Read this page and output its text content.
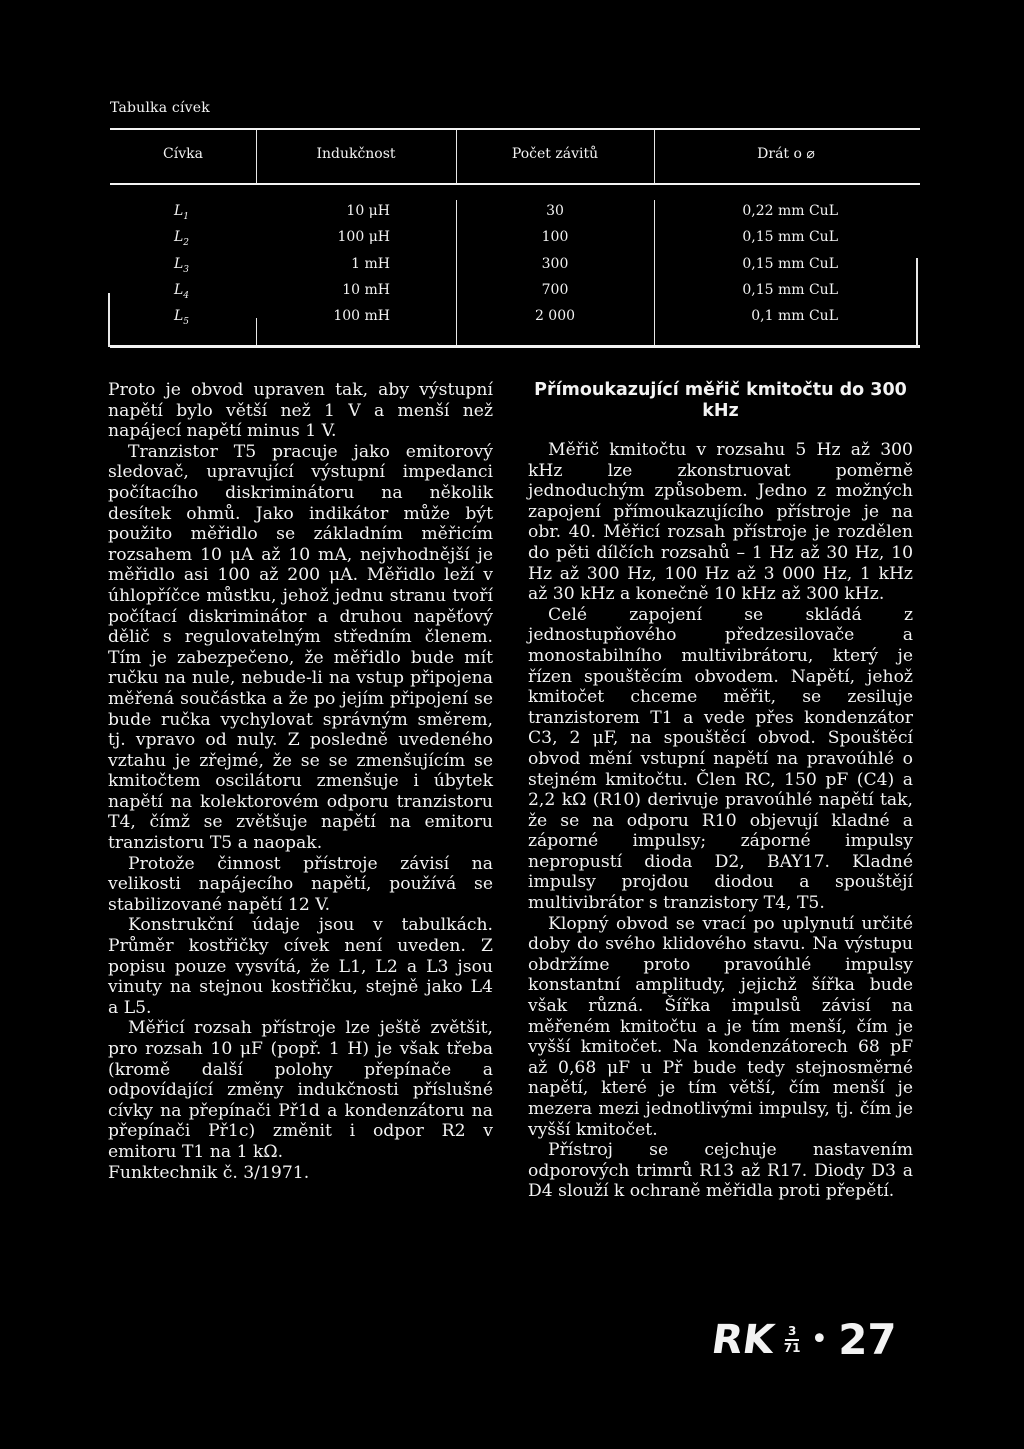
Tabulka cívek
Cívka	Indukčnost	Počet závitů	Drát o ⌀
$L_1$	10 μH	30	0,22 mm CuL
$L_2$	100 μH	100	0,15 mm CuL
$L_3$	1 mH	300	0,15 mm CuL
$L_4$	10 mH	700	0,15 mm CuL
$L_5$	100 mH	2 000	0,1 mm CuL

Proto je obvod upraven tak, aby výstupní napětí bylo větší než 1 V a menší než napájecí napětí minus 1 V.

Tranzistor T5 pracuje jako emitorový sledovač, upravující výstupní impedanci počítacího diskriminátoru na několik desítek ohmů. Jako indikátor může být použito měřidlo se základním měřicím rozsahem 10 μA až 10 mA, nejvhodnější je měřidlo asi 100 až 200 μA. Měřidlo leží v úhlopříčce můstku, jehož jednu stranu tvoří počítací diskriminátor a druhou napěťový dělič s regulovatelným středním členem. Tím je zabezpečeno, že měřidlo bude mít ručku na nule, nebude-li na vstup připojena měřená součástka a že po jejím připojení se bude ručka vychylovat správným směrem, tj. vpravo od nuly. Z posledně uvedeného vztahu je zřejmé, že se se zmenšujícím se kmitočtem oscilátoru zmenšuje i úbytek napětí na kolektorovém odporu tranzistoru T4, čímž se zvětšuje napětí na emitoru tranzistoru T5 a naopak.

Protože činnost přístroje závisí na velikosti napájecího napětí, používá se stabilizované napětí 12 V.

Konstrukční údaje jsou v tabulkách. Průměr kostřičky cívek není uveden. Z popisu pouze vysvítá, že L1, L2 a L3 jsou vinuty na stejnou kostřičku, stejně jako L4 a L5.

Měřicí rozsah přístroje lze ještě zvětšit, pro rozsah 10 μF (popř. 1 H) je však třeba (kromě další polohy přepínače a odpovídající změny indukčnosti příslušné cívky na přepínači Př1d a kondenzátoru na přepínači Př1c) změnit i odpor R2 v emitoru T1 na 1 kΩ.

Funktechnik č. 3/1971.

Přímoukazující měřič kmitočtu do 300 kHz

Měřič kmitočtu v rozsahu 5 Hz až 300 kHz lze zkonstruovat poměrně jednoduchým způsobem. Jedno z možných zapojení přímoukazujícího přístroje je na obr. 40. Měřicí rozsah přístroje je rozdělen do pěti dílčích rozsahů – 1 Hz až 30 Hz, 10 Hz až 300 Hz, 100 Hz až 3 000 Hz, 1 kHz až 30 kHz a konečně 10 kHz až 300 kHz.

Celé zapojení se skládá z jednostupňového předzesilovače a monostabilního multivibrátoru, který je řízen spouštěcím obvodem. Napětí, jehož kmitočet chceme měřit, se zesiluje tranzistorem T1 a vede přes kondenzátor C3, 2 μF, na spouštěcí obvod. Spouštěcí obvod mění vstupní napětí na pravoúhlé o stejném kmitočtu. Člen RC, 150 pF (C4) a 2,2 kΩ (R10) derivuje pravoúhlé napětí tak, že se na odporu R10 objevují kladné a záporné impulsy; záporné impulsy nepropustí dioda D2, BAY17. Kladné impulsy projdou diodou a spouštějí multivibrátor s tranzistory T4, T5.

Klopný obvod se vrací po uplynutí určité doby do svého klidového stavu. Na výstupu obdržíme proto pravoúhlé impulsy konstantní amplitudy, jejichž šířka bude však různá. Šířka impulsů závisí na měřeném kmitočtu a je tím menší, čím je vyšší kmitočet. Na kondenzátorech 68 pF až 0,68 μF u Př bude tedy stejnosměrné napětí, které je tím větší, čím menší je mezera mezi jednotlivými impulsy, tj. čím je vyšší kmitočet.

Přístroj se cejchuje nastavením odporových trimrů R13 až R17. Diody D3 a D4 slouží k ochraně měřidla proti přepětí.

RK $\frac{3}{71}$ • 27
